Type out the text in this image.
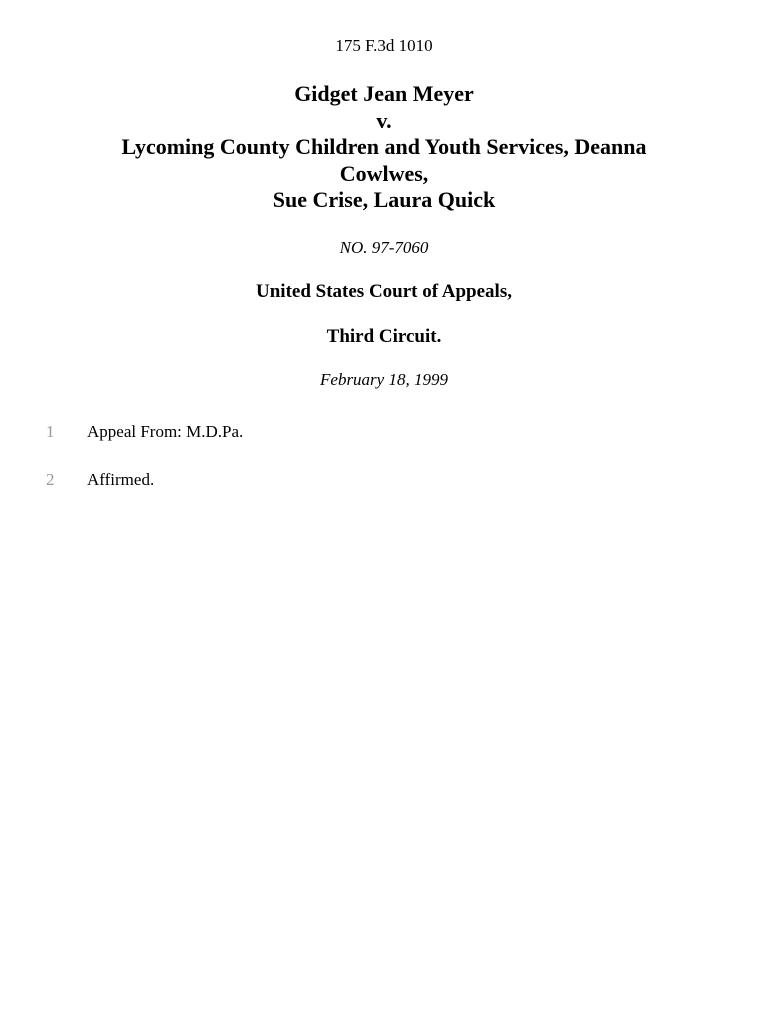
175 F.3d 1010
Gidget Jean Meyer
v.
Lycoming County Children and Youth Services, Deanna
Cowlwes,
Sue Crise, Laura Quick
NO. 97-7060
United States Court of Appeals,
Third Circuit.
February 18, 1999
1 Appeal From: M.D.Pa.
2 Affirmed.
